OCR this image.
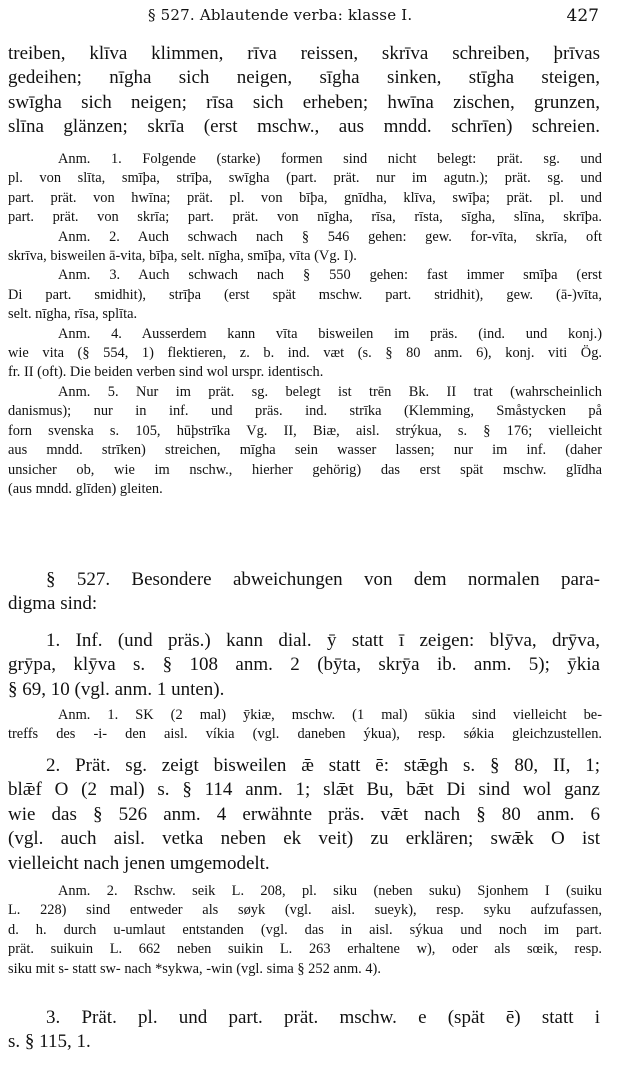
§ 527. Ablautende verba: klasse I.	427
treiben, klīva klimmen, rīva reissen, skrīva schreiben, þrīvas
gedeihen; nīgha sich neigen, sīgha sinken, stīgha steigen,
swīgha sich neigen; rīsa sich erheben; hwīna zischen, grunzen,
slīna glänzen; skrīa (erst mschw., aus mndd. schrīen) schreien.
Anm. 1. Folgende (starke) formen sind nicht belegt: prät. sg. und
pl. von slīta, smīþa, strīþa, swīgha (part. prät. nur im agutn.); prät. sg. und
part. prät. von hwīna; prät. pl. von bīþa, gnīdha, klīva, swīþa; prät. pl. und
part. prät. von skrīa; part. prät. von nīgha, rīsa, rīsta, sīgha, slīna, skrīþa.
Anm. 2. Auch schwach nach § 546 gehen: gew. for-vīta, skrīa, oft
skrīva, bisweilen ā-vita, bīþa, selt. nīgha, smīþa, vīta (Vg. I).
Anm. 3. Auch schwach nach § 550 gehen: fast immer smīþa (erst
Di part. smidhit), strīþa (erst spät mschw. part. stridhit), gew. (ā-)vīta,
selt. nīgha, rīsa, splīta.
Anm. 4. Ausserdem kann vīta bisweilen im präs. (ind. und konj.)
wie vita (§ 554, 1) flektieren, z. b. ind. væt (s. § 80 anm. 6), konj. viti Ög.
fr. II (oft). Die beiden verben sind wol urspr. identisch.
Anm. 5. Nur im prät. sg. belegt ist trēn Bk. II trat (wahrscheinlich
danismus); nur in inf. und präs. ind. strīka (Klemming, Småstycken på
forn svenska s. 105, hūþstrīka Vg. II, Biæ, aisl. strýkua, s. § 176; vielleicht
aus mndd. strīken) streichen, mīgha sein wasser lassen; nur im inf. (daher
unsicher ob, wie im nschw., hierher gehörig) das erst spät mschw. glīdha
(aus mndd. glīden) gleiten.
§ 527. Besondere abweichungen von dem normalen para-
digma sind:
1. Inf. (und präs.) kann dial. ȳ statt ī zeigen: blȳva, drȳva,
grȳpa, klȳva s. § 108 anm. 2 (bȳta, skrȳa ib. anm. 5); ȳkia
§ 69, 10 (vgl. anm. 1 unten).
Anm. 1. SK (2 mal) ȳkiæ, mschw. (1 mal) sūkia sind vielleicht be-
treffs des -i- den aisl. víkia (vgl. daneben ýkua), resp. sǿkia gleichzustellen.
2. Prät. sg. zeigt bisweilen ǣ statt ē: stǣgh s. § 80, II, 1;
blǣf O (2 mal) s. § 114 anm. 1; slǣt Bu, bǣt Di sind wol ganz
wie das § 526 anm. 4 erwähnte präs. vǣt nach § 80 anm. 6
(vgl. auch aisl. vetka neben ek veit) zu erklären; swǣk O ist
vielleicht nach jenen umgemodelt.
Anm. 2. Rschw. seik L. 208, pl. siku (neben suku) Sjonhem I (suiku
L. 228) sind entweder als søyk (vgl. aisl. sueyk), resp. syku aufzufassen,
d. h. durch u-umlaut entstanden (vgl. das in aisl. sýkua und noch im part.
prät. suikuin L. 662 neben suikin L. 263 erhaltene w), oder als sœik, resp.
siku mit s- statt sw- nach *sykwa, -win (vgl. sima § 252 anm. 4).
3. Prät. pl. und part. prät. mschw. e (spät ē) statt i
s. § 115, 1.
